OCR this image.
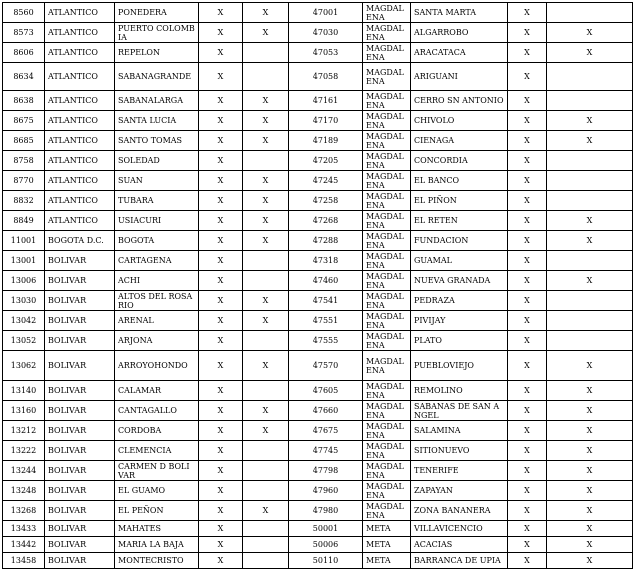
8560	ATLANTICO	PONEDERA	X	X	47001	MAGDALENA	SANTA MARTA	X	
8573	ATLANTICO	PUERTO COLOMBIA	X	X	47030	MAGDALENA	ALGARROBO	X	X
8606	ATLANTICO	REPELON	X		47053	MAGDALENA	ARACATACA	X	X
8634	ATLANTICO	SABANAGRANDE	X		47058	MAGDALENA	ARIGUANI	X	
8638	ATLANTICO	SABANALARGA	X	X	47161	MAGDALENA	CERRO SN ANTONIO	X	
8675	ATLANTICO	SANTA LUCIA	X	X	47170	MAGDALENA	CHIVOLO	X	X
8685	ATLANTICO	SANTO TOMAS	X	X	47189	MAGDALENA	CIENAGA	X	X
8758	ATLANTICO	SOLEDAD	X		47205	MAGDALENA	CONCORDIA	X	
8770	ATLANTICO	SUAN	X	X	47245	MAGDALENA	EL BANCO	X	
8832	ATLANTICO	TUBARA	X	X	47258	MAGDALENA	EL PIÑON	X	
8849	ATLANTICO	USIACURI	X	X	47268	MAGDALENA	EL RETEN	X	X
11001	BOGOTA D.C.	BOGOTA	X	X	47288	MAGDALENA	FUNDACION	X	X
13001	BOLIVAR	CARTAGENA	X		47318	MAGDALENA	GUAMAL	X	
13006	BOLIVAR	ACHI	X		47460	MAGDALENA	NUEVA GRANADA	X	X
13030	BOLIVAR	ALTOS DEL ROSARIO	X	X	47541	MAGDALENA	PEDRAZA	X	
13042	BOLIVAR	ARENAL	X	X	47551	MAGDALENA	PIVIJAY	X	
13052	BOLIVAR	ARJONA	X		47555	MAGDALENA	PLATO	X	
13062	BOLIVAR	ARROYOHONDO	X	X	47570	MAGDALENA	PUEBLOVIEJO	X	X
13140	BOLIVAR	CALAMAR	X		47605	MAGDALENA	REMOLINO	X	X
13160	BOLIVAR	CANTAGALLO	X	X	47660	MAGDALENA	SABANAS DE SAN ANGEL	X	X
13212	BOLIVAR	CORDOBA	X	X	47675	MAGDALENA	SALAMINA	X	X
13222	BOLIVAR	CLEMENCIA	X		47745	MAGDALENA	SITIONUEVO	X	X
13244	BOLIVAR	CARMEN D BOLIVAR	X		47798	MAGDALENA	TENERIFE	X	X
13248	BOLIVAR	EL GUAMO	X		47960	MAGDALENA	ZAPAYAN	X	X
13268	BOLIVAR	EL PEÑON	X	X	47980	MAGDALENA	ZONA BANANERA	X	X
13433	BOLIVAR	MAHATES	X		50001	META	VILLAVICENCIO	X	X
13442	BOLIVAR	MARIA LA BAJA	X		50006	META	ACACIAS	X	X
13458	BOLIVAR	MONTECRISTO	X		50110	META	BARRANCA DE UPIA	X	X
